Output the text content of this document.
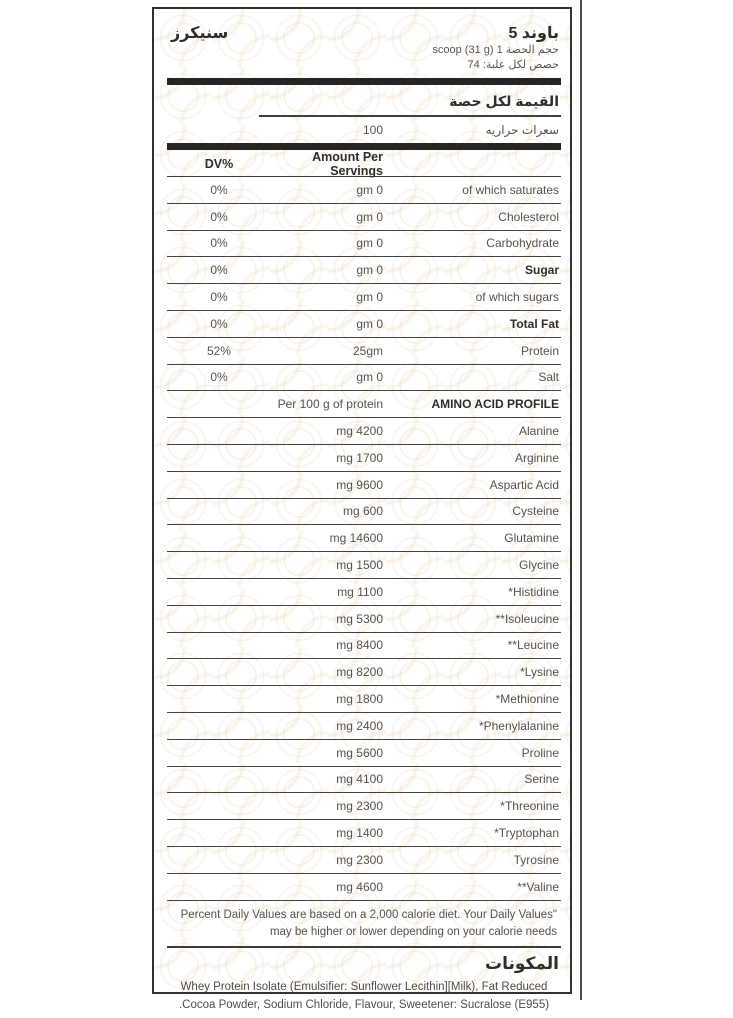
سنيكرز	5 باوند
حجم الحصة 1 scoop (31 g)
حصص لكل علبة: 74
القيمة لكل حصة
100	سعرات حراريه
DV%	Amount Per Servings
0%	gm 0	of which saturates
0%	gm 0	Cholesterol
0%	gm 0	Carbohydrate
0%	gm 0	Sugar
0%	gm 0	of which sugars
0%	gm 0	Total Fat
52%	25gm	Protein
0%	gm 0	Salt
Per 100 g of protein	AMINO ACID PROFILE
mg 4200	Alanine
mg 1700	Arginine
mg 9600	Aspartic Acid
mg 600	Cysteine
mg 14600	Glutamine
mg 1500	Glycine
mg 1100	*Histidine
mg 5300	**Isoleucine
mg 8400	**Leucine
mg 8200	*Lysine
mg 1800	*Methionine
mg 2400	*Phenylalanine
mg 5600	Proline
mg 4100	Serine
mg 2300	*Threonine
mg 1400	*Tryptophan
mg 2300	Tyrosine
mg 4600	**Valine
Percent Daily Values are based on a 2,000 calorie diet. Your Daily Values"
may be higher or lower depending on your calorie needs
المكونات
Whey Protein Isolate (Emulsifier: Sunflower Lecithin][Milk), Fat Reduced
.Cocoa Powder, Sodium Chloride, Flavour, Sweetener: Sucralose (E955)
